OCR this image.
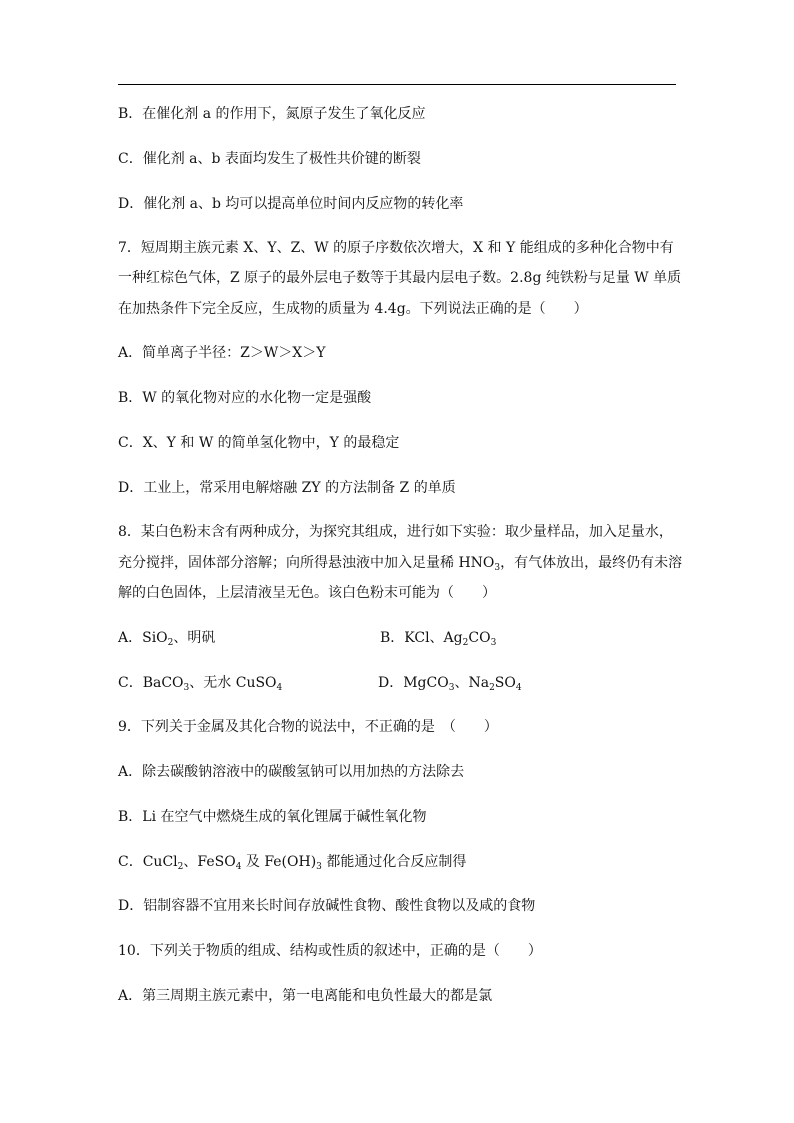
B．在催化剂 a 的作用下，氮原子发生了氧化反应
C．催化剂 a、b 表面均发生了极性共价键的断裂
D．催化剂 a、b 均可以提高单位时间内反应物的转化率
7．短周期主族元素 X、Y、Z、W 的原子序数依次增大，X 和 Y 能组成的多种化合物中有
一种红棕色气体，Z 原子的最外层电子数等于其最内层电子数。2.8g 纯铁粉与足量 W 单质
在加热条件下完全反应，生成物的质量为 4.4g。下列说法正确的是（　　）
A．简单离子半径：Z＞W＞X＞Y
B．W 的氧化物对应的水化物一定是强酸
C．X、Y 和 W 的简单氢化物中，Y 的最稳定
D．工业上，常采用电解熔融 ZY 的方法制备 Z 的单质
8．某白色粉末含有两种成分，为探究其组成，进行如下实验：取少量样品，加入足量水，
充分搅拌，固体部分溶解；向所得悬浊液中加入足量稀 $HNO_3$，有气体放出，最终仍有未溶
解的白色固体，上层清液呈无色。该白色粉末可能为（　　）
A．SiO$_2$、明矾	B．KCl、$Ag_2CO_3$
C．BaCO$_3$、无水 CuSO$_4$	D．MgCO$_3$、$Na_2SO_4$
9．下列关于金属及其化合物的说法中，不正确的是　（　　）
A．除去碳酸钠溶液中的碳酸氢钠可以用加热的方法除去
B．Li 在空气中燃烧生成的氧化锂属于碱性氧化物
C．CuCl$_2$、FeSO$_4$ 及 $Fe(OH)_3$ 都能通过化合反应制得
D．铝制容器不宜用来长时间存放碱性食物、酸性食物以及咸的食物
10．下列关于物质的组成、结构或性质的叙述中，正确的是（　　）
A．第三周期主族元素中，第一电离能和电负性最大的都是氯
